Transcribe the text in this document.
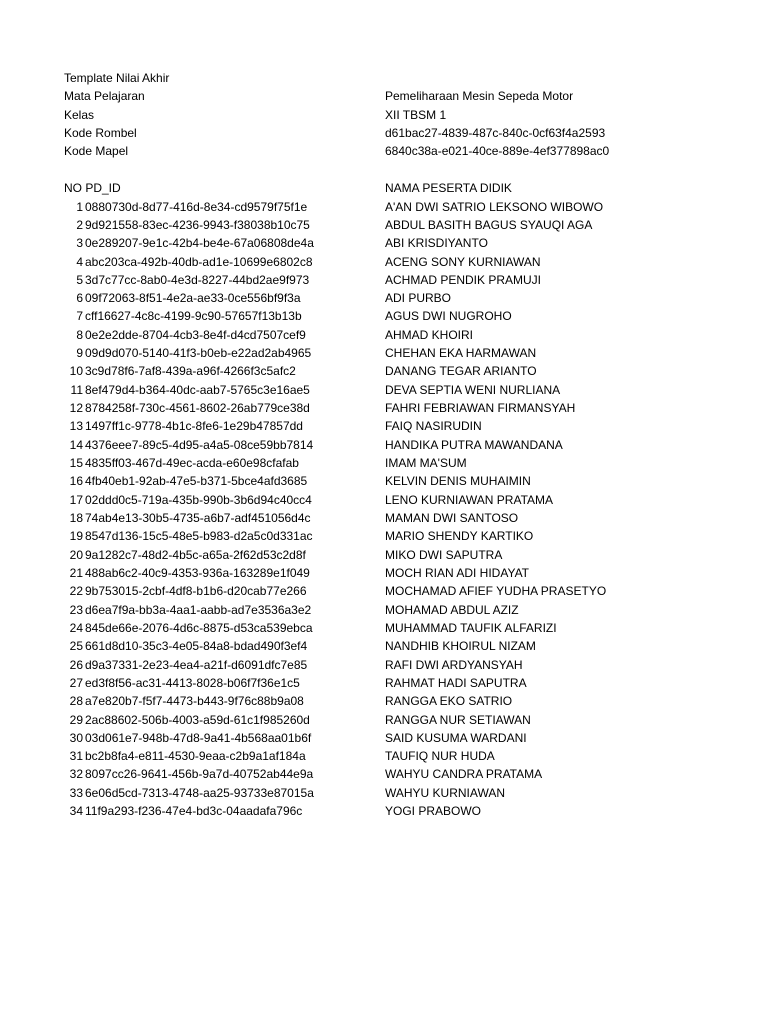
Template Nilai Akhir
Mata Pelajaran	Pemeliharaan Mesin Sepeda Motor
Kelas	XII TBSM 1
Kode Rombel	d61bac27-4839-487c-840c-0cf63f4a2593
Kode Mapel	6840c38a-e021-40ce-889e-4ef377898ac0
NO PD_ID	NAMA PESERTA DIDIK
1 0880730d-8d77-416d-8e34-cd9579f75f1e	A'AN DWI SATRIO LEKSONO WIBOWO
2 9d921558-83ec-4236-9943-f38038b10c75	ABDUL BASITH BAGUS SYAUQI AGA
3 0e289207-9e1c-42b4-be4e-67a06808de4a	ABI KRISDIYANTO
4 abc203ca-492b-40db-ad1e-10699e6802c8	ACENG SONY KURNIAWAN
5 3d7c77cc-8ab0-4e3d-8227-44bd2ae9f973	ACHMAD PENDIK PRAMUJI
6 09f72063-8f51-4e2a-ae33-0ce556bf9f3a	ADI PURBO
7 cff16627-4c8c-4199-9c90-57657f13b13b	AGUS DWI NUGROHO
8 0e2e2dde-8704-4cb3-8e4f-d4cd7507cef9	AHMAD KHOIRI
9 09d9d070-5140-41f3-b0eb-e22ad2ab4965	CHEHAN EKA HARMAWAN
10 3c9d78f6-7af8-439a-a96f-4266f3c5afc2	DANANG TEGAR ARIANTO
11 8ef479d4-b364-40dc-aab7-5765c3e16ae5	DEVA SEPTIA WENI NURLIANA
12 8784258f-730c-4561-8602-26ab779ce38d	FAHRI FEBRIAWAN FIRMANSYAH
13 1497ff1c-9778-4b1c-8fe6-1e29b47857dd	FAIQ NASIRUDIN
14 4376eee7-89c5-4d95-a4a5-08ce59bb7814	HANDIKA PUTRA MAWANDANA
15 4835ff03-467d-49ec-acda-e60e98cfafab	IMAM MA'SUM
16 4fb40eb1-92ab-47e5-b371-5bce4afd3685	KELVIN DENIS MUHAIMIN
17 02ddd0c5-719a-435b-990b-3b6d94c40cc4	LENO KURNIAWAN PRATAMA
18 74ab4e13-30b5-4735-a6b7-adf451056d4c	MAMAN DWI SANTOSO
19 8547d136-15c5-48e5-b983-d2a5c0d331ac	MARIO SHENDY KARTIKO
20 9a1282c7-48d2-4b5c-a65a-2f62d53c2d8f	MIKO DWI SAPUTRA
21 488ab6c2-40c9-4353-936a-163289e1f049	MOCH RIAN ADI HIDAYAT
22 9b753015-2cbf-4df8-b1b6-d20cab77e266	MOCHAMAD AFIEF YUDHA PRASETYO
23 d6ea7f9a-bb3a-4aa1-aabb-ad7e3536a3e2	MOHAMAD ABDUL AZIZ
24 845de66e-2076-4d6c-8875-d53ca539ebca	MUHAMMAD TAUFIK ALFARIZI
25 661d8d10-35c3-4e05-84a8-bdad490f3ef4	NANDHIB KHOIRUL NIZAM
26 d9a37331-2e23-4ea4-a21f-d6091dfc7e85	RAFI DWI ARDYANSYAH
27 ed3f8f56-ac31-4413-8028-b06f7f36e1c5	RAHMAT HADI SAPUTRA
28 a7e820b7-f5f7-4473-b443-9f76c88b9a08	RANGGA EKO SATRIO
29 2ac88602-506b-4003-a59d-61c1f985260d	RANGGA NUR SETIAWAN
30 03d061e7-948b-47d8-9a41-4b568aa01b6f	SAID KUSUMA WARDANI
31 bc2b8fa4-e811-4530-9eaa-c2b9a1af184a	TAUFIQ NUR HUDA
32 8097cc26-9641-456b-9a7d-40752ab44e9a	WAHYU CANDRA PRATAMA
33 6e06d5cd-7313-4748-aa25-93733e87015a	WAHYU KURNIAWAN
34 11f9a293-f236-47e4-bd3c-04aadafa796c	YOGI PRABOWO
